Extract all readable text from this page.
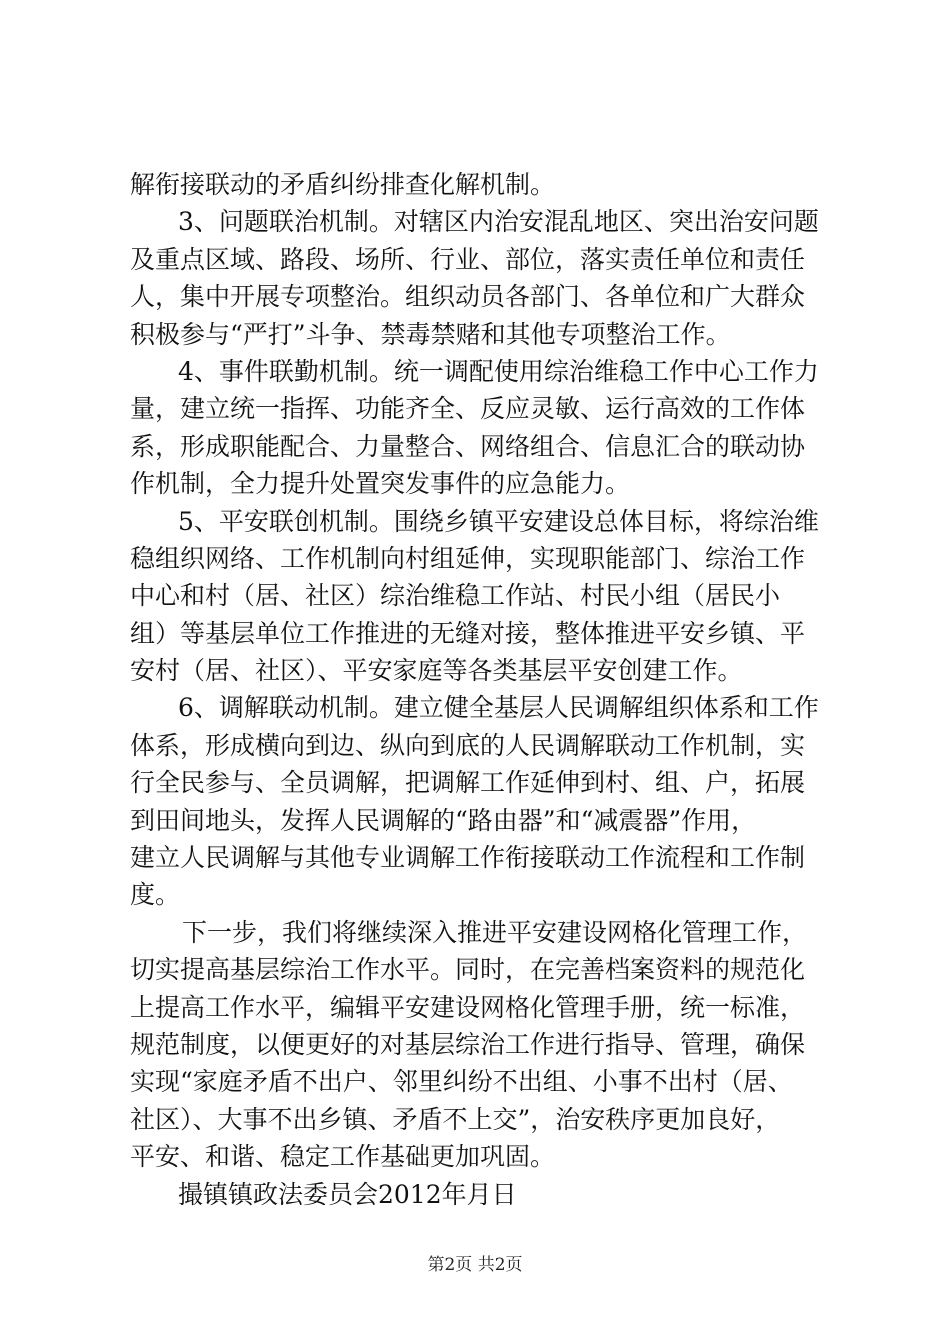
解衔接联动的矛盾纠纷排查化解机制。
3、问题联治机制。对辖区内治安混乱地区、突出治安问题
及重点区域、路段、场所、行业、部位，落实责任单位和责任
人，集中开展专项整治。组织动员各部门、各单位和广大群众
积极参与“严打”斗争、禁毒禁赌和其他专项整治工作。
4、事件联勤机制。统一调配使用综治维稳工作中心工作力
量，建立统一指挥、功能齐全、反应灵敏、运行高效的工作体
系，形成职能配合、力量整合、网络组合、信息汇合的联动协
作机制，全力提升处置突发事件的应急能力。
5、平安联创机制。围绕乡镇平安建设总体目标，将综治维
稳组织网络、工作机制向村组延伸，实现职能部门、综治工作
中心和村（居、社区）综治维稳工作站、村民小组（居民小
组）等基层单位工作推进的无缝对接，整体推进平安乡镇、平
安村（居、社区）、平安家庭等各类基层平安创建工作。
6、调解联动机制。建立健全基层人民调解组织体系和工作
体系，形成横向到边、纵向到底的人民调解联动工作机制，实
行全民参与、全员调解，把调解工作延伸到村、组、户，拓展
到田间地头，发挥人民调解的“路由器”和“减震器”作用，
建立人民调解与其他专业调解工作衔接联动工作流程和工作制
度。
下一步，我们将继续深入推进平安建设网格化管理工作，
切实提高基层综治工作水平。同时，在完善档案资料的规范化
上提高工作水平，编辑平安建设网格化管理手册，统一标准，
规范制度，以便更好的对基层综治工作进行指导、管理，确保
实现“家庭矛盾不出户、邻里纠纷不出组、小事不出村（居、
社区）、大事不出乡镇、矛盾不上交”，治安秩序更加良好，
平安、和谐、稳定工作基础更加巩固。
撮镇镇政法委员会2012年月日
第2页 共2页
